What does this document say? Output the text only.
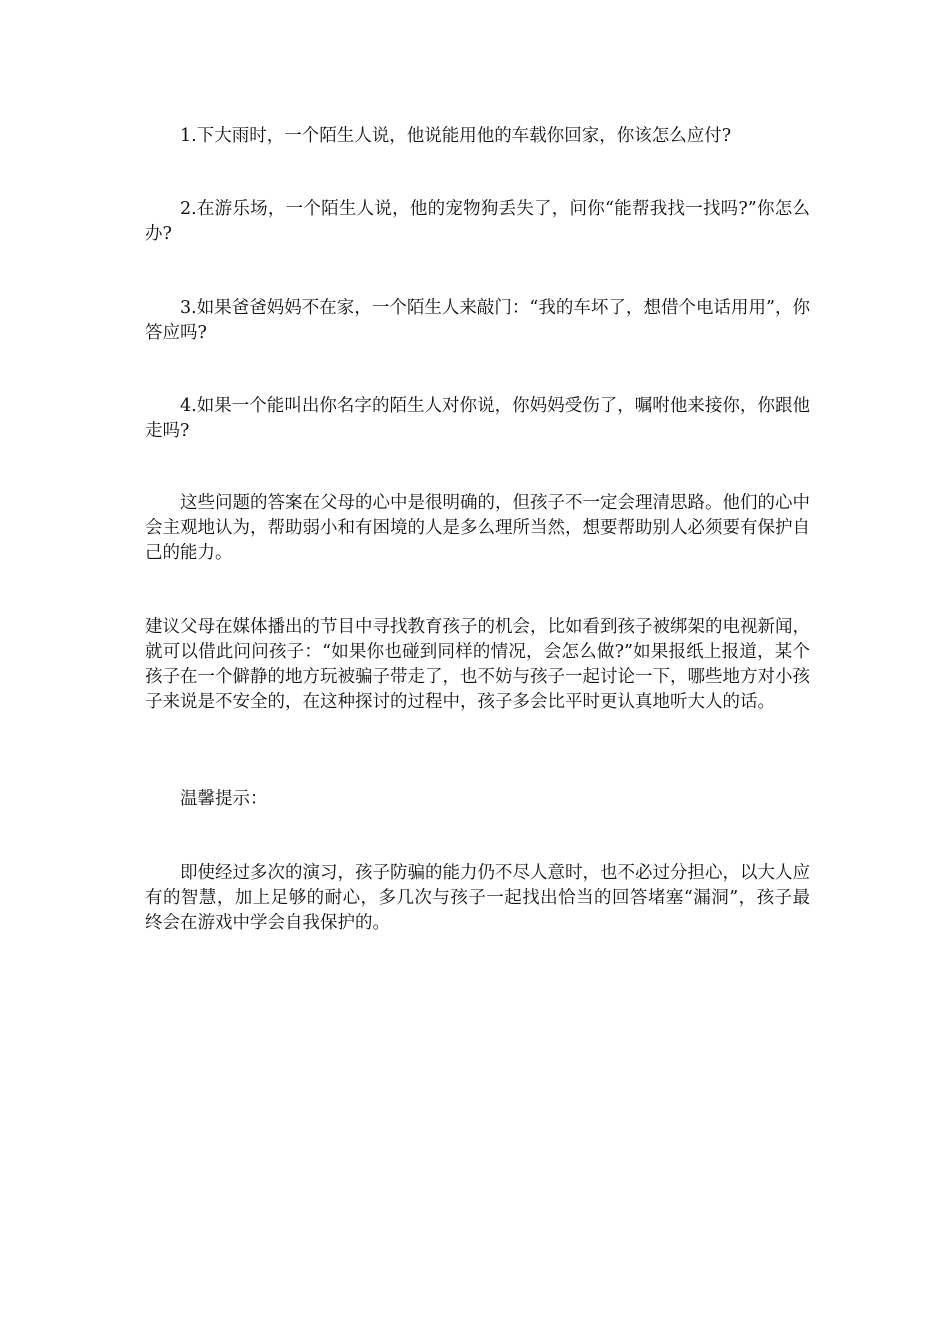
1.下大雨时，一个陌生人说，他说能用他的车载你回家，你该怎么应付?

2.在游乐场，一个陌生人说，他的宠物狗丢失了，问你“能帮我找一找吗?”你怎么办?

3.如果爸爸妈妈不在家，一个陌生人来敲门：“我的车坏了，想借个电话用用”，你答应吗?

4.如果一个能叫出你名字的陌生人对你说，你妈妈受伤了，嘱咐他来接你，你跟他走吗?

这些问题的答案在父母的心中是很明确的，但孩子不一定会理清思路。他们的心中会主观地认为，帮助弱小和有困境的人是多么理所当然，想要帮助别人必须要有保护自己的能力。

建议父母在媒体播出的节目中寻找教育孩子的机会，比如看到孩子被绑架的电视新闻，就可以借此问问孩子：“如果你也碰到同样的情况，会怎么做?”如果报纸上报道，某个孩子在一个僻静的地方玩被骗子带走了，也不妨与孩子一起讨论一下，哪些地方对小孩子来说是不安全的，在这种探讨的过程中，孩子多会比平时更认真地听大人的话。

温馨提示：

即使经过多次的演习，孩子防骗的能力仍不尽人意时，也不必过分担心，以大人应有的智慧，加上足够的耐心，多几次与孩子一起找出恰当的回答堵塞“漏洞”，孩子最终会在游戏中学会自我保护的。
